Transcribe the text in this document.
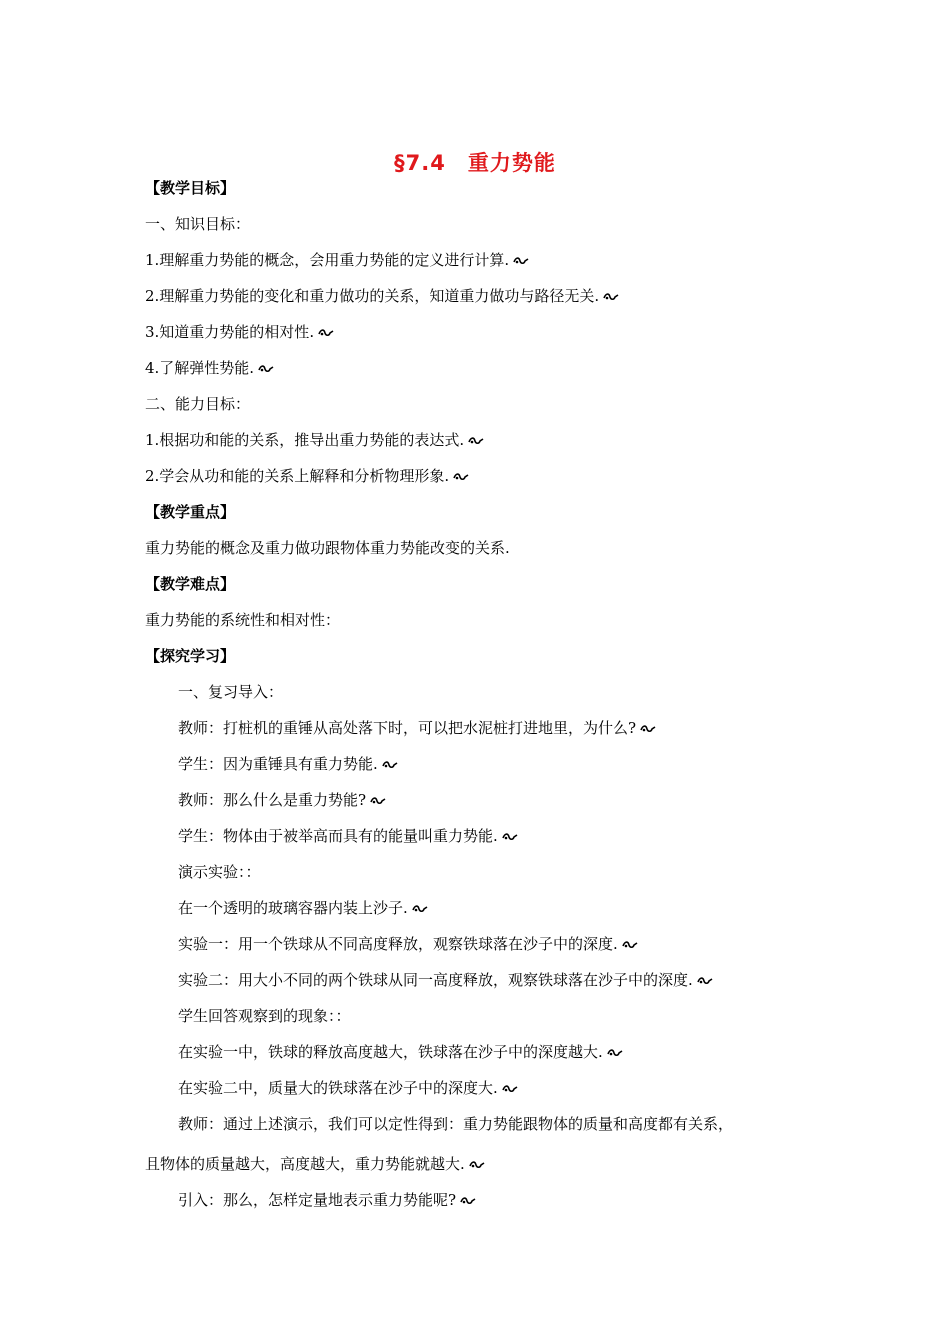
§7.4　重力势能
【教学目标】
一、知识目标：
1.理解重力势能的概念，会用重力势能的定义进行计算.
2.理解重力势能的变化和重力做功的关系，知道重力做功与路径无关.
3.知道重力势能的相对性.
4.了解弹性势能.
二、能力目标：
1.根据功和能的关系，推导出重力势能的表达式.
2.学会从功和能的关系上解释和分析物理形象.
【教学重点】
重力势能的概念及重力做功跟物体重力势能改变的关系.
【教学难点】
重力势能的系统性和相对性：
【探究学习】
一、复习导入：
教师：打桩机的重锤从高处落下时，可以把水泥桩打进地里，为什么?
学生：因为重锤具有重力势能.
教师：那么什么是重力势能?
学生：物体由于被举高而具有的能量叫重力势能.
演示实验：：
在一个透明的玻璃容器内装上沙子.
实验一：用一个铁球从不同高度释放，观察铁球落在沙子中的深度.
实验二：用大小不同的两个铁球从同一高度释放，观察铁球落在沙子中的深度.
学生回答观察到的现象：：
在实验一中，铁球的释放高度越大，铁球落在沙子中的深度越大.
在实验二中，质量大的铁球落在沙子中的深度大.
教师：通过上述演示，我们可以定性得到：重力势能跟物体的质量和高度都有关系，
且物体的质量越大，高度越大，重力势能就越大.
引入：那么，怎样定量地表示重力势能呢?
